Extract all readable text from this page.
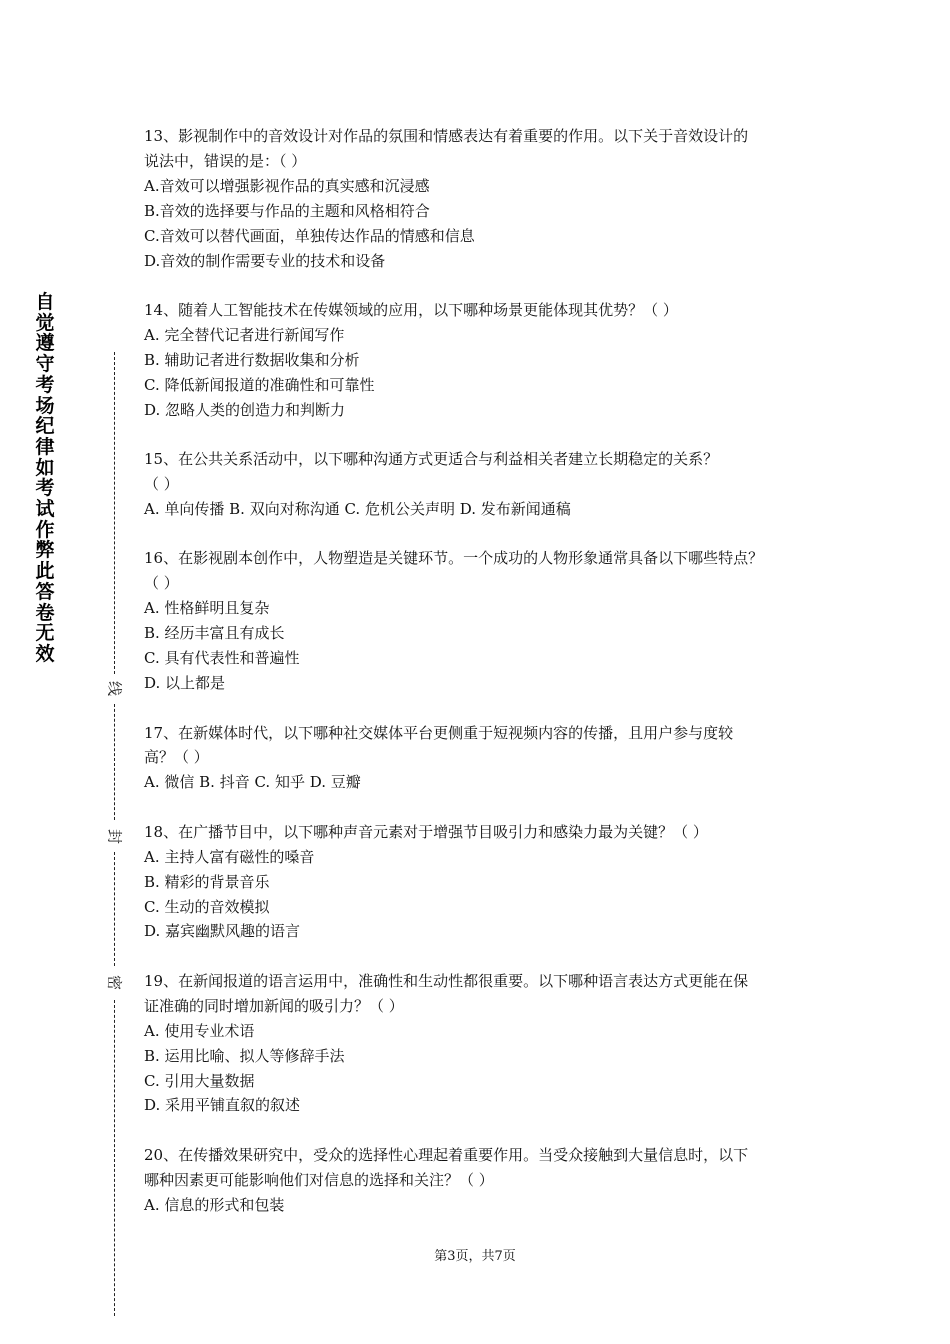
自
觉
遵
守
考
场
纪
律
如
考
试
作
弊
此
答
卷
无
效
线
封
密

13、影视制作中的音效设计对作品的氛围和情感表达有着重要的作用。以下关于音效设计的

说法中，错误的是：（ ）

A.音效可以增强影视作品的真实感和沉浸感

B.音效的选择要与作品的主题和风格相符合

C.音效可以替代画面，单独传达作品的情感和信息

D.音效的制作需要专业的技术和设备

14、随着人工智能技术在传媒领域的应用，以下哪种场景更能体现其优势？（ ）

A. 完全替代记者进行新闻写作

B. 辅助记者进行数据收集和分析

C. 降低新闻报道的准确性和可靠性

D. 忽略人类的创造力和判断力

15、在公共关系活动中，以下哪种沟通方式更适合与利益相关者建立长期稳定的关系？

（ ）

A. 单向传播 B. 双向对称沟通 C. 危机公关声明 D. 发布新闻通稿

16、在影视剧本创作中，人物塑造是关键环节。一个成功的人物形象通常具备以下哪些特点？

（ ）

A. 性格鲜明且复杂

B. 经历丰富且有成长

C. 具有代表性和普遍性

D. 以上都是

17、在新媒体时代，以下哪种社交媒体平台更侧重于短视频内容的传播，且用户参与度较

高？（ ）

A. 微信 B. 抖音 C. 知乎 D. 豆瓣

18、在广播节目中，以下哪种声音元素对于增强节目吸引力和感染力最为关键？（ ）

A. 主持人富有磁性的嗓音

B. 精彩的背景音乐

C. 生动的音效模拟

D. 嘉宾幽默风趣的语言

19、在新闻报道的语言运用中，准确性和生动性都很重要。以下哪种语言表达方式更能在保

证准确的同时增加新闻的吸引力？（ ）

A. 使用专业术语

B. 运用比喻、拟人等修辞手法

C. 引用大量数据

D. 采用平铺直叙的叙述

20、在传播效果研究中，受众的选择性心理起着重要作用。当受众接触到大量信息时，以下

哪种因素更可能影响他们对信息的选择和关注？（ ）

A. 信息的形式和包装

第3页，共7页
